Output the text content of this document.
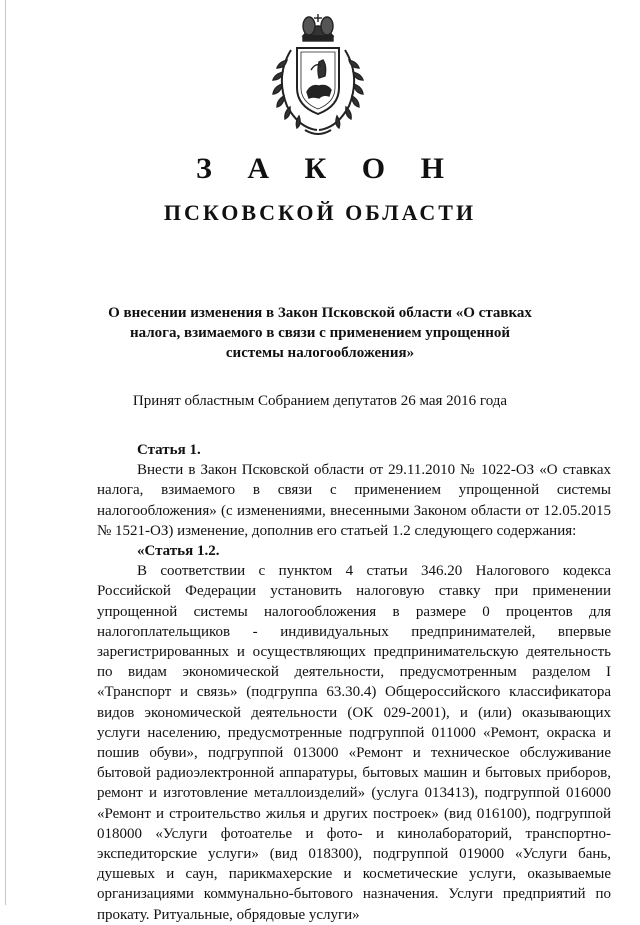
З А К О Н
ПСКОВСКОЙ ОБЛАСТИ
О внесении изменения в Закон Псковской области «О ставках налога, взимаемого в связи с применением упрощенной системы налогообложения»
Принят областным Собранием депутатов 26 мая 2016 года

Статья 1.

Внести в Закон Псковской области от 29.11.2010 № 1022-ОЗ «О ставках налога, взимаемого в связи с применением упрощенной системы налогообложения» (с изменениями, внесенными Законом области от 12.05.2015 № 1521-ОЗ) изменение, дополнив его статьей 1.2 следующего содержания:

«Статья 1.2.

В соответствии с пунктом 4 статьи 346.20 Налогового кодекса Российской Федерации установить налоговую ставку при применении упрощенной системы налогообложения в размере 0 процентов для налогоплательщиков - индивидуальных предпринимателей, впервые зарегистрированных и осуществляющих предпринимательскую деятельность по видам экономической деятельности, предусмотренным разделом I «Транспорт и связь» (подгруппа 63.30.4) Общероссийского классификатора видов экономической деятельности (ОК 029-2001), и (или) оказывающих услуги населению, предусмотренные подгруппой 011000 «Ремонт, окраска и пошив обуви», подгруппой 013000 «Ремонт и техническое обслуживание бытовой радиоэлектронной аппаратуры, бытовых машин и бытовых приборов, ремонт и изготовление металлоизделий» (услуга 013413), подгруппой 016000 «Ремонт и строительство жилья и других построек» (вид 016100), подгруппой 018000 «Услуги фотоателье и фото- и кинолабораторий, транспортно-экспедиторские услуги» (вид 018300), подгруппой 019000 «Услуги бань, душевых и саун, парикмахерские и косметические услуги, оказываемые организациями коммунально-бытового назначения. Услуги предприятий по прокату. Ритуальные, обрядовые услуги»
